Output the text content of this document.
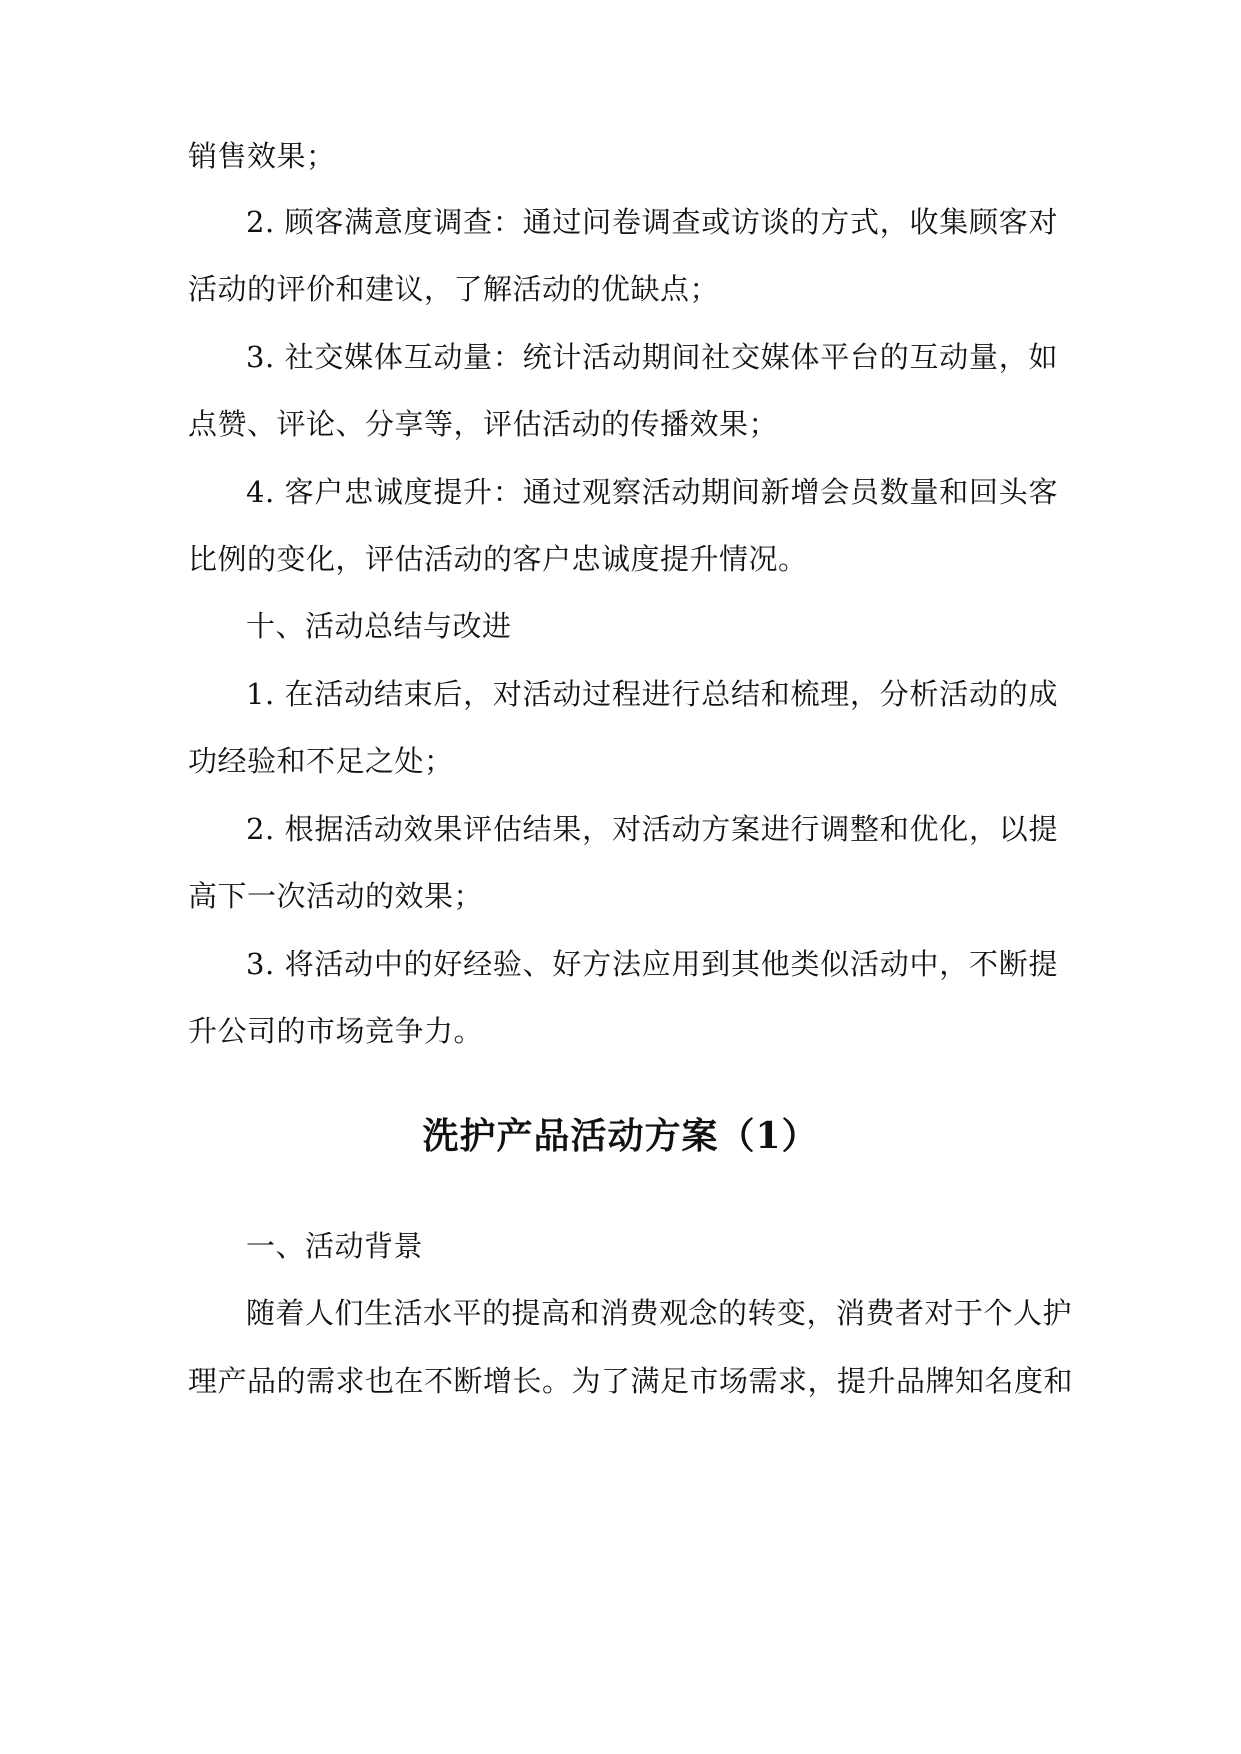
销售效果；
2. 顾客满意度调查：通过问卷调查或访谈的方式，收集顾客对
活动的评价和建议，了解活动的优缺点；
3. 社交媒体互动量：统计活动期间社交媒体平台的互动量，如
点赞、评论、分享等，评估活动的传播效果；
4. 客户忠诚度提升：通过观察活动期间新增会员数量和回头客
比例的变化，评估活动的客户忠诚度提升情况。
十、活动总结与改进
1. 在活动结束后，对活动过程进行总结和梳理，分析活动的成
功经验和不足之处；
2. 根据活动效果评估结果，对活动方案进行调整和优化，以提
高下一次活动的效果；
3. 将活动中的好经验、好方法应用到其他类似活动中，不断提
升公司的市场竞争力。
洗护产品活动方案（1）
一、活动背景
随着人们生活水平的提高和消费观念的转变，消费者对于个人护
理产品的需求也在不断增长。为了满足市场需求，提升品牌知名度和
